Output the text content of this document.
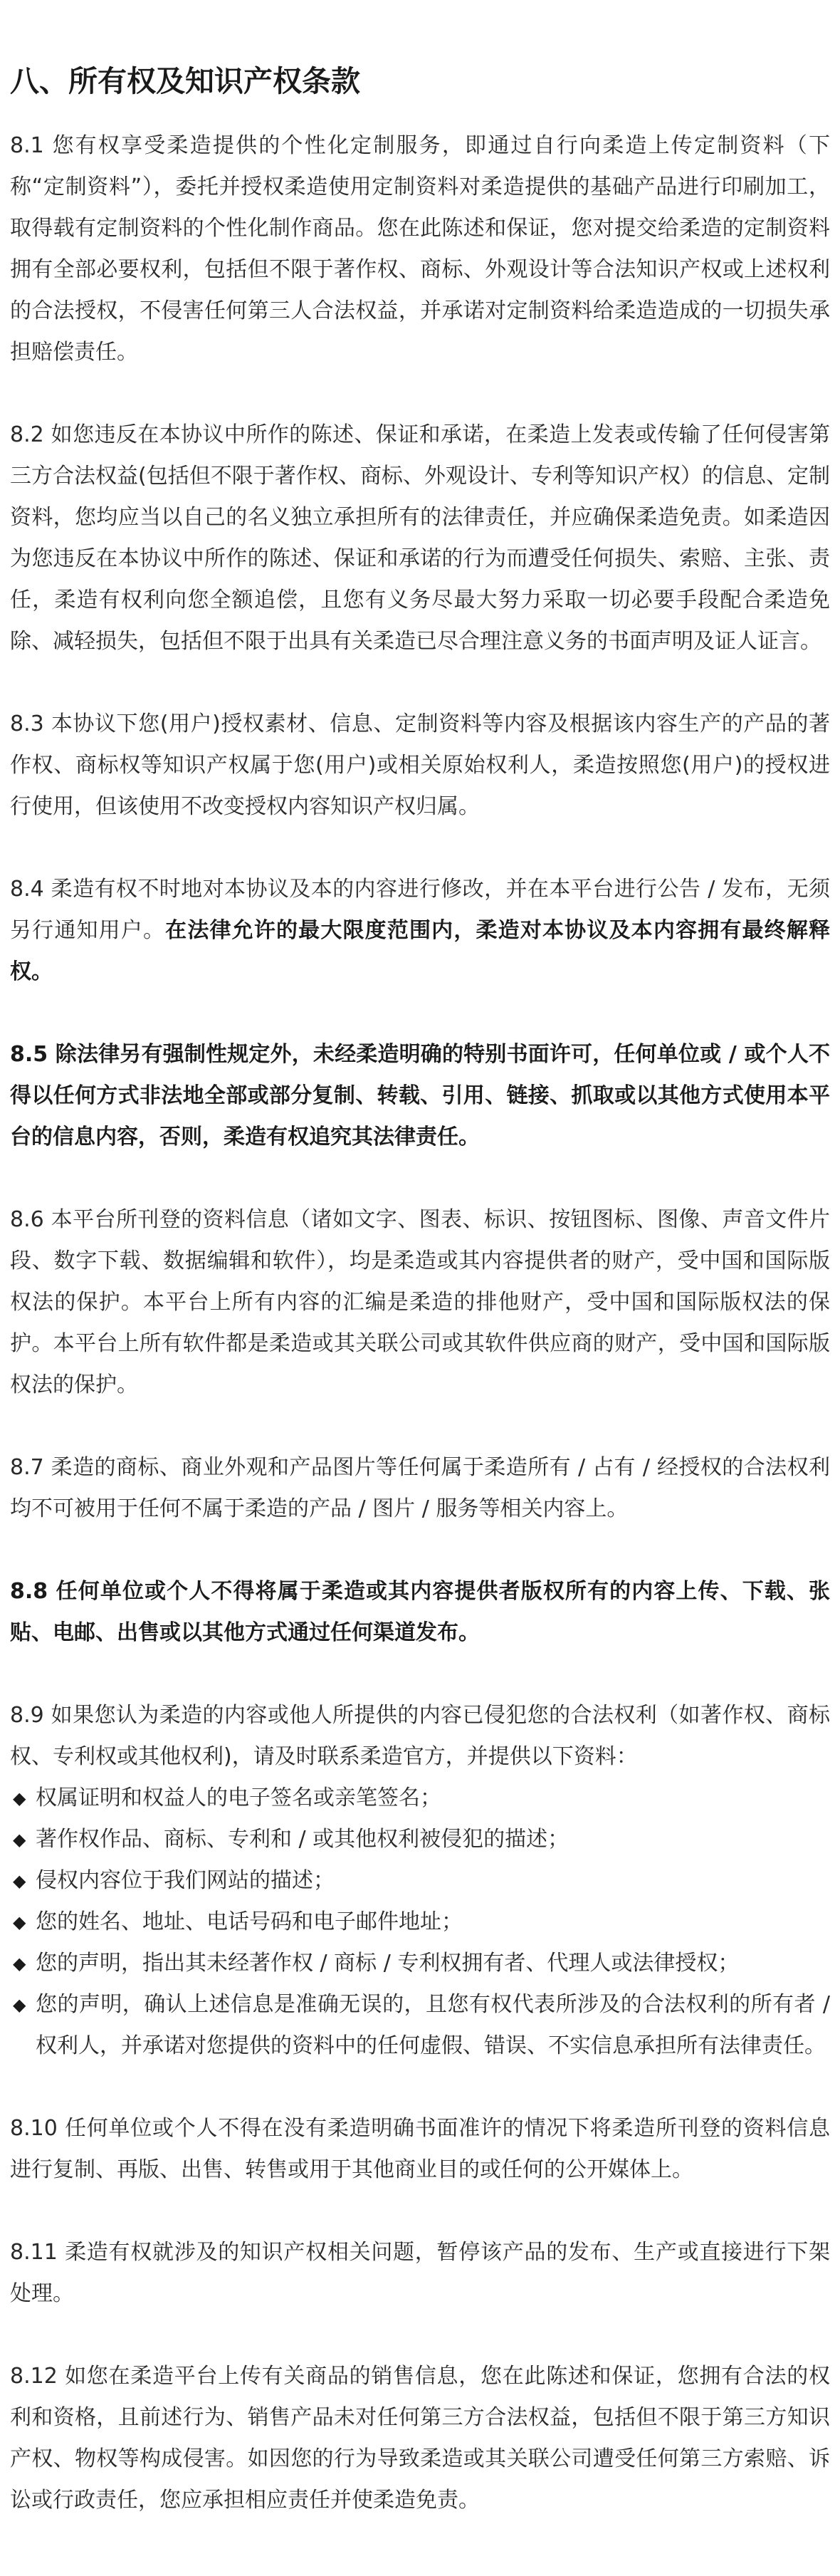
八、所有权及知识产权条款

8.1 您有权享受柔造提供的个性化定制服务，即通过自行向柔造上传定制资料（下称“定制资料”），委托并授权柔造使用定制资料对柔造提供的基础产品进行印刷加工，取得载有定制资料的个性化制作商品。您在此陈述和保证，您对提交给柔造的定制资料拥有全部必要权利，包括但不限于著作权、商标、外观设计等合法知识产权或上述权利的合法授权，不侵害任何第三人合法权益，并承诺对定制资料给柔造造成的一切损失承担赔偿责任。

8.2 如您违反在本协议中所作的陈述、保证和承诺，在柔造上发表或传输了任何侵害第三方合法权益(包括但不限于著作权、商标、外观设计、专利等知识产权）的信息、定制资料，您均应当以自己的名义独立承担所有的法律责任，并应确保柔造免责。如柔造因为您违反在本协议中所作的陈述、保证和承诺的行为而遭受任何损失、索赔、主张、责任，柔造有权利向您全额追偿，且您有义务尽最大努力采取一切必要手段配合柔造免除、减轻损失，包括但不限于出具有关柔造已尽合理注意义务的书面声明及证人证言。

8.3 本协议下您(用户)授权素材、信息、定制资料等内容及根据该内容生产的产品的著作权、商标权等知识产权属于您(用户)或相关原始权利人，柔造按照您(用户)的授权进行使用，但该使用不改变授权内容知识产权归属。

8.4 柔造有权不时地对本协议及本的内容进行修改，并在本平台进行公告 / 发布，无须另行通知用户。在法律允许的最大限度范围内，柔造对本协议及本内容拥有最终解释权。

8.5 除法律另有强制性规定外，未经柔造明确的特别书面许可，任何单位或 / 或个人不得以任何方式非法地全部或部分复制、转载、引用、链接、抓取或以其他方式使用本平台的信息内容，否则，柔造有权追究其法律责任。

8.6 本平台所刊登的资料信息（诸如文字、图表、标识、按钮图标、图像、声音文件片段、数字下载、数据编辑和软件），均是柔造或其内容提供者的财产，受中国和国际版权法的保护。本平台上所有内容的汇编是柔造的排他财产，受中国和国际版权法的保护。本平台上所有软件都是柔造或其关联公司或其软件供应商的财产，受中国和国际版权法的保护。

8.7 柔造的商标、商业外观和产品图片等任何属于柔造所有 / 占有 / 经授权的合法权利均不可被用于任何不属于柔造的产品 / 图片 / 服务等相关内容上。

8.8 任何单位或个人不得将属于柔造或其内容提供者版权所有的内容上传、下载、张贴、电邮、出售或以其他方式通过任何渠道发布。

8.9 如果您认为柔造的内容或他人所提供的内容已侵犯您的合法权利（如著作权、商标权、专利权或其他权利)，请及时联系柔造官方，并提供以下资料：

◆ 权属证明和权益人的电子签名或亲笔签名；
◆ 著作权作品、商标、专利和 / 或其他权利被侵犯的描述；
◆ 侵权内容位于我们网站的描述；
◆ 您的姓名、地址、电话号码和电子邮件地址；
◆ 您的声明，指出其未经著作权 / 商标 / 专利权拥有者、代理人或法律授权；
◆ 您的声明，确认上述信息是准确无误的，且您有权代表所涉及的合法权利的所有者 / 权利人，并承诺对您提供的资料中的任何虚假、错误、不实信息承担所有法律责任。

8.10 任何单位或个人不得在没有柔造明确书面准许的情况下将柔造所刊登的资料信息进行复制、再版、出售、转售或用于其他商业目的或任何的公开媒体上。

8.11 柔造有权就涉及的知识产权相关问题，暂停该产品的发布、生产或直接进行下架处理。

8.12 如您在柔造平台上传有关商品的销售信息，您在此陈述和保证，您拥有合法的权利和资格，且前述行为、销售产品未对任何第三方合法权益，包括但不限于第三方知识产权、物权等构成侵害。如因您的行为导致柔造或其关联公司遭受任何第三方索赔、诉讼或行政责任，您应承担相应责任并使柔造免责。
